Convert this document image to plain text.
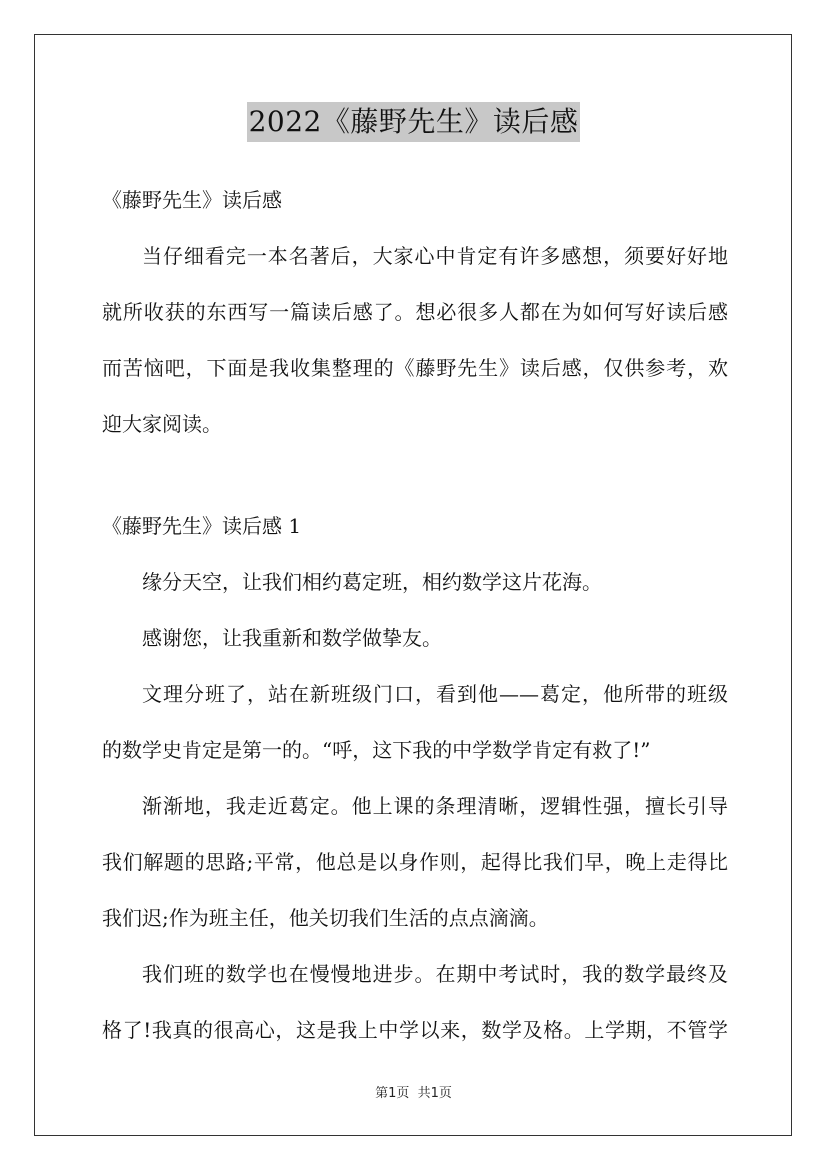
2022《藤野先生》读后感
《藤野先生》读后感
当仔细看完一本名著后，大家心中肯定有许多感想，须要好好地
就所收获的东西写一篇读后感了。想必很多人都在为如何写好读后感
而苦恼吧，下面是我收集整理的《藤野先生》读后感，仅供参考，欢
迎大家阅读。
《藤野先生》读后感 1
缘分天空，让我们相约葛定班，相约数学这片花海。
感谢您，让我重新和数学做挚友。
文理分班了，站在新班级门口，看到他——葛定，他所带的班级
的数学史肯定是第一的。“呼，这下我的中学数学肯定有救了!”
渐渐地，我走近葛定。他上课的条理清晰，逻辑性强，擅长引导
我们解题的思路;平常，他总是以身作则，起得比我们早，晚上走得比
我们迟;作为班主任，他关切我们生活的点点滴滴。
我们班的数学也在慢慢地进步。在期中考试时，我的数学最终及
格了!我真的很高心，这是我上中学以来，数学及格。上学期，不管学
第1页  共1页
